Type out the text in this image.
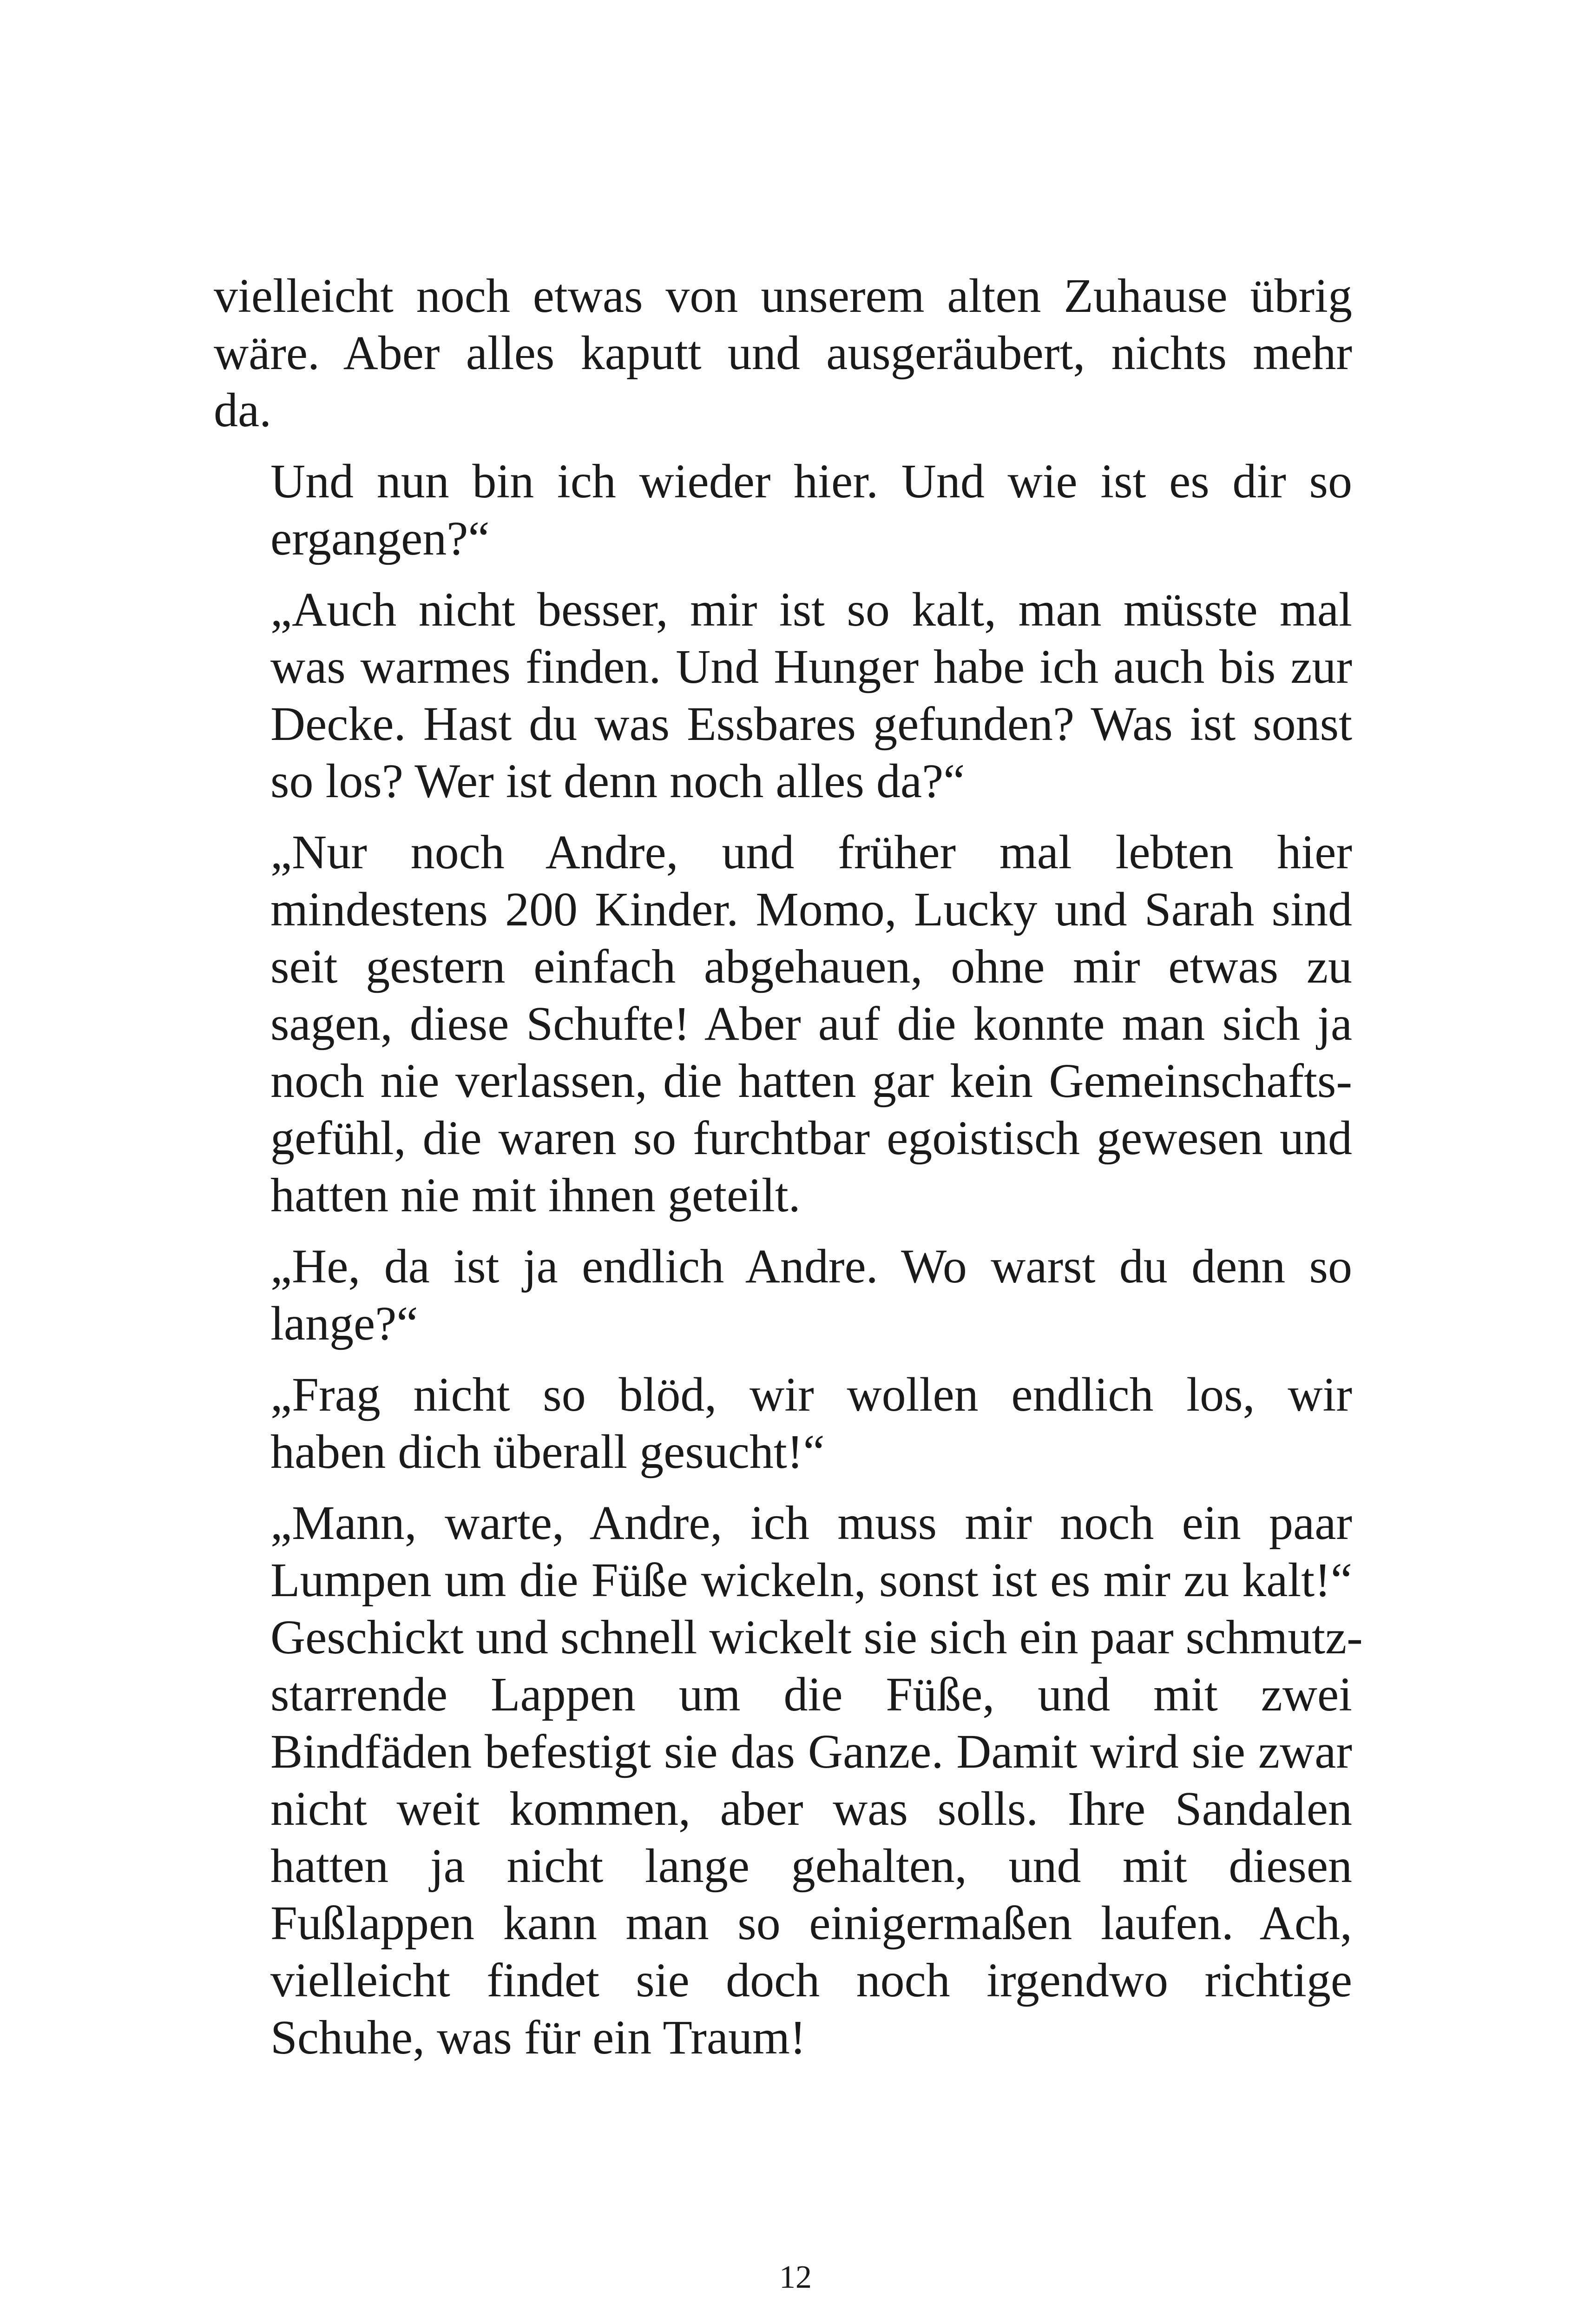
vielleicht noch etwas von unserem alten Zuhause übrig
wäre. Aber alles kaputt und ausgeräubert, nichts mehr
da.

Und nun bin ich wieder hier. Und wie ist es dir so
ergangen?“

„Auch nicht besser, mir ist so kalt, man müsste mal
was warmes finden. Und Hunger habe ich auch bis zur
Decke. Hast du was Essbares gefunden? Was ist sonst
so los? Wer ist denn noch alles da?“

„Nur noch Andre, und früher mal lebten hier
mindestens 200 Kinder. Momo, Lucky und Sarah sind
seit gestern einfach abgehauen, ohne mir etwas zu
sagen, diese Schufte! Aber auf die konnte man sich ja
noch nie verlassen, die hatten gar kein Gemeinschafts-
gefühl, die waren so furchtbar egoistisch gewesen und
hatten nie mit ihnen geteilt.

„He, da ist ja endlich Andre. Wo warst du denn so
lange?“

„Frag nicht so blöd, wir wollen endlich los, wir
haben dich überall gesucht!“

„Mann, warte, Andre, ich muss mir noch ein paar
Lumpen um die Füße wickeln, sonst ist es mir zu kalt!“
Geschickt und schnell wickelt sie sich ein paar schmutz-
starrende Lappen um die Füße, und mit zwei
Bindfäden befestigt sie das Ganze. Damit wird sie zwar
nicht weit kommen, aber was solls. Ihre Sandalen
hatten ja nicht lange gehalten, und mit diesen
Fußlappen kann man so einigermaßen laufen. Ach,
vielleicht findet sie doch noch irgendwo richtige
Schuhe, was für ein Traum!

12
